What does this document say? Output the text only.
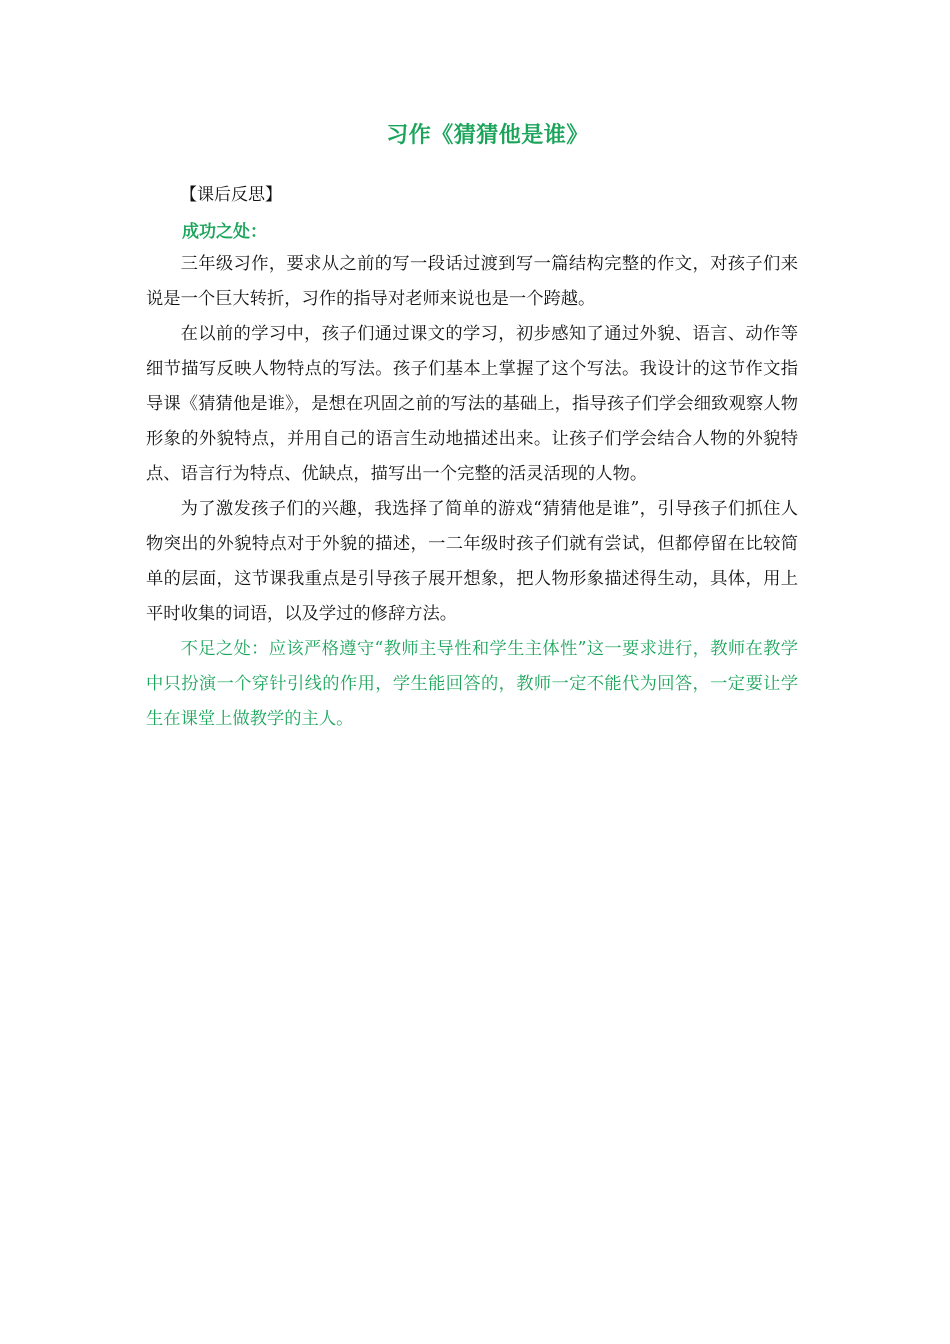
习作《猜猜他是谁》
【课后反思】
成功之处：

三年级习作，要求从之前的写一段话过渡到写一篇结构完整的作文，对孩子们来说是一个巨大转折，习作的指导对老师来说也是一个跨越。

在以前的学习中，孩子们通过课文的学习，初步感知了通过外貌、语言、动作等细节描写反映人物特点的写法。孩子们基本上掌握了这个写法。我设计的这节作文指导课《猜猜他是谁》，是想在巩固之前的写法的基础上，指导孩子们学会细致观察人物形象的外貌特点，并用自己的语言生动地描述出来。让孩子们学会结合人物的外貌特点、语言行为特点、优缺点，描写出一个完整的活灵活现的人物。

为了激发孩子们的兴趣，我选择了简单的游戏“猜猜他是谁”，引导孩子们抓住人物突出的外貌特点对于外貌的描述，一二年级时孩子们就有尝试，但都停留在比较简单的层面，这节课我重点是引导孩子展开想象，把人物形象描述得生动，具体，用上平时收集的词语，以及学过的修辞方法。

不足之处：应该严格遵守“教师主导性和学生主体性”这一要求进行，教师在教学中只扮演一个穿针引线的作用，学生能回答的，教师一定不能代为回答，一定要让学生在课堂上做教学的主人。
